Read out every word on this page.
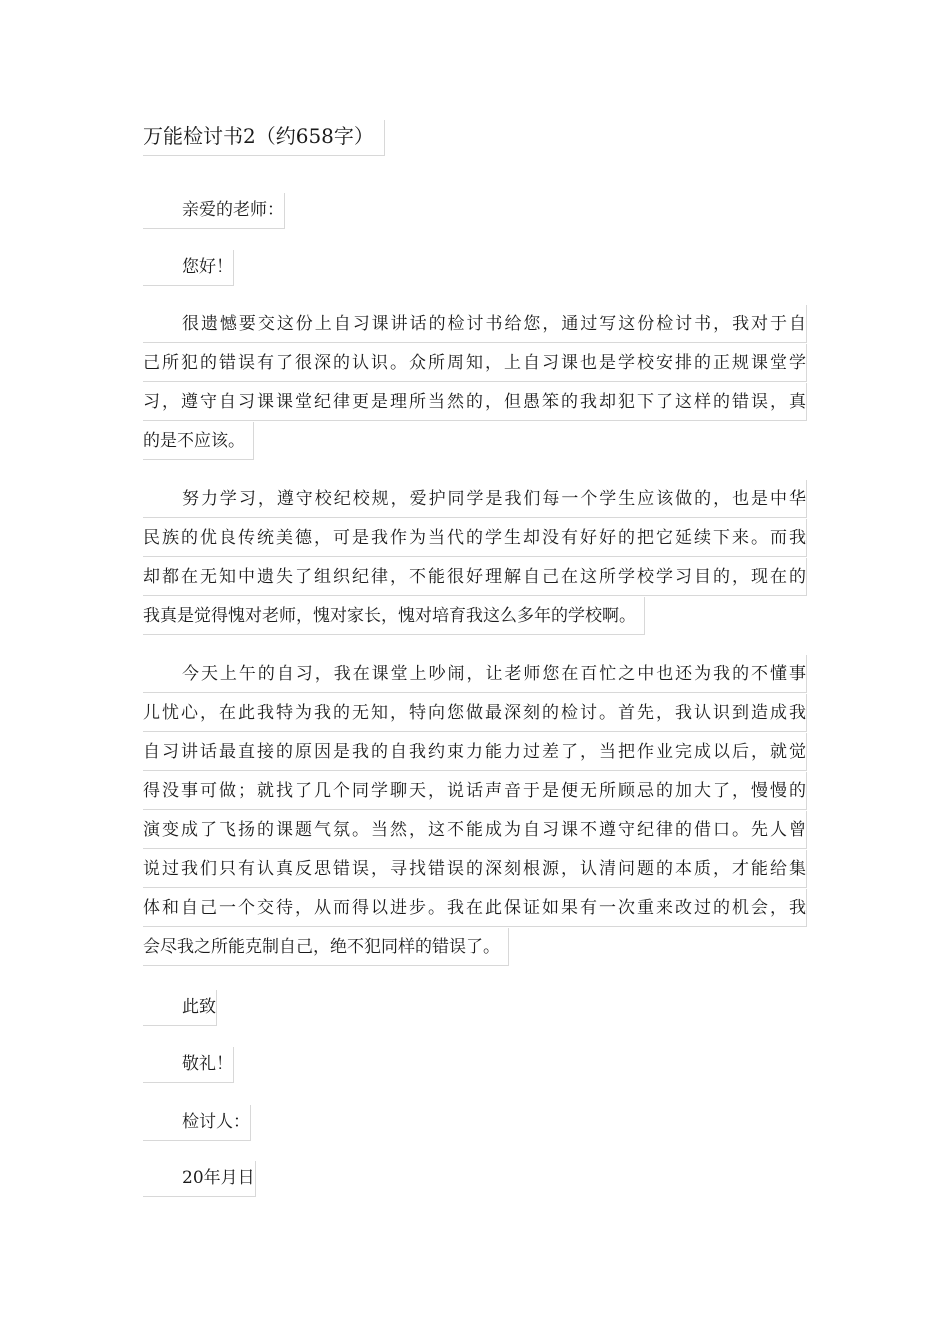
万能检讨书2（约658字）
亲爱的老师：
您好！
很遗憾要交这份上自习课讲话的检讨书给您，通过写这份检讨书，我对于自
己所犯的错误有了很深的认识。众所周知，上自习课也是学校安排的正规课堂学
习，遵守自习课课堂纪律更是理所当然的，但愚笨的我却犯下了这样的错误，真
的是不应该。
努力学习，遵守校纪校规，爱护同学是我们每一个学生应该做的，也是中华
民族的优良传统美德，可是我作为当代的学生却没有好好的把它延续下来。而我
却都在无知中遗失了组织纪律，不能很好理解自己在这所学校学习目的，现在的
我真是觉得愧对老师，愧对家长，愧对培育我这么多年的学校啊。
今天上午的自习，我在课堂上吵闹，让老师您在百忙之中也还为我的不懂事
儿忧心，在此我特为我的无知，特向您做最深刻的检讨。首先，我认识到造成我
自习讲话最直接的原因是我的自我约束力能力过差了，当把作业完成以后，就觉
得没事可做；就找了几个同学聊天，说话声音于是便无所顾忌的加大了，慢慢的
演变成了飞扬的课题气氛。当然，这不能成为自习课不遵守纪律的借口。先人曾
说过我们只有认真反思错误，寻找错误的深刻根源，认清问题的本质，才能给集
体和自己一个交待，从而得以进步。我在此保证如果有一次重来改过的机会，我
会尽我之所能克制自己，绝不犯同样的错误了。
此致
敬礼！
检讨人：
20年月日
